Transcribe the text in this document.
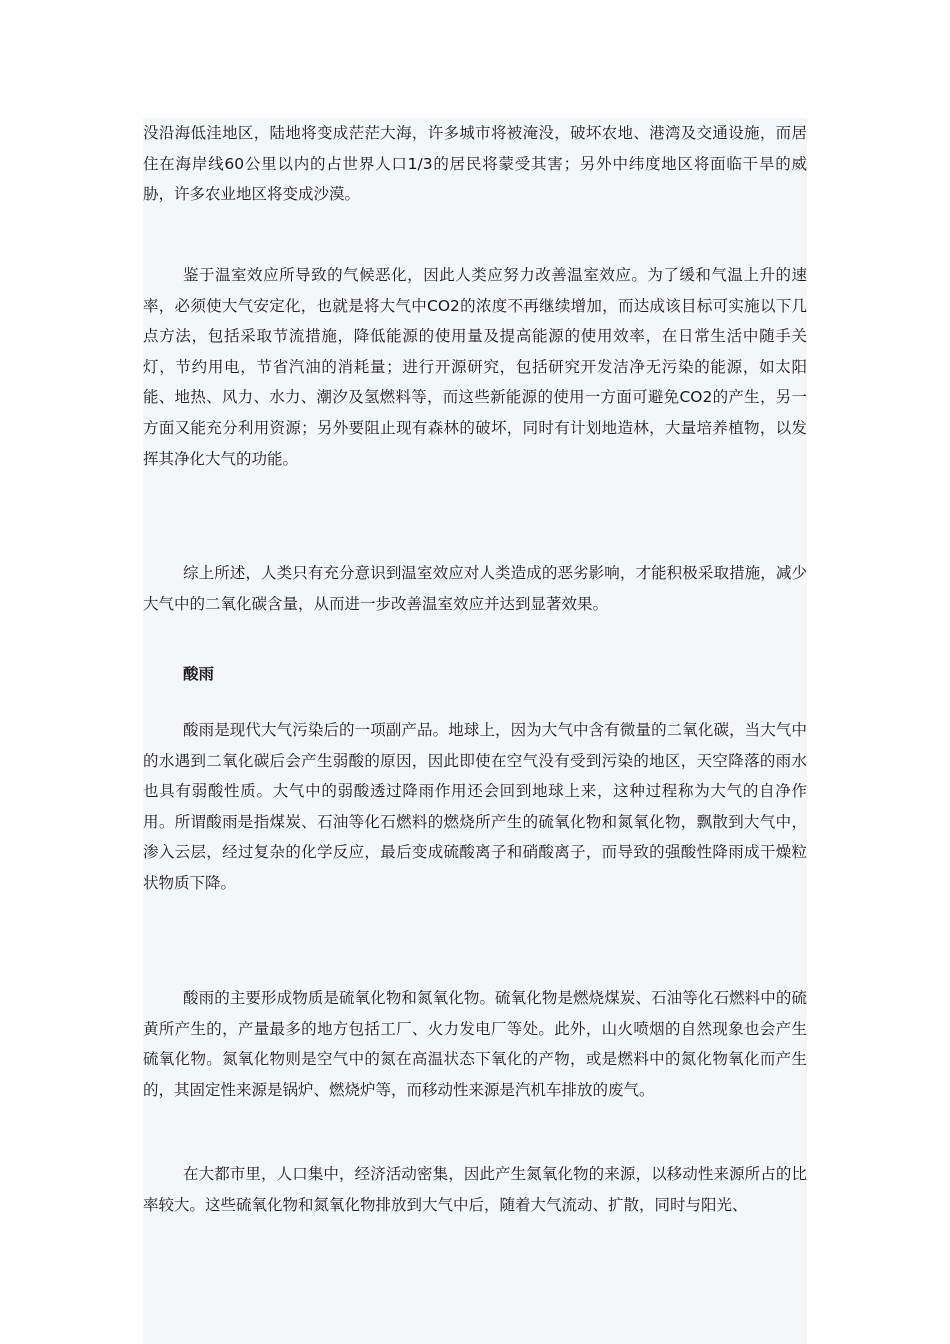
没沿海低洼地区，陆地将变成茫茫大海，许多城市将被淹没，破坏农地、港湾及交通设施，而居住在海岸线60公里以内的占世界人口1/3的居民将蒙受其害；另外中纬度地区将面临干旱的威胁，许多农业地区将变成沙漠。

鉴于温室效应所导致的气候恶化，因此人类应努力改善温室效应。为了缓和气温上升的速率，必须使大气安定化，也就是将大气中CO2的浓度不再继续增加，而达成该目标可实施以下几点方法，包括采取节流措施，降低能源的使用量及提高能源的使用效率，在日常生活中随手关灯，节约用电，节省汽油的消耗量；进行开源研究，包括研究开发洁净无污染的能源，如太阳能、地热、风力、水力、潮汐及氢燃料等，而这些新能源的使用一方面可避免CO2的产生，另一方面又能充分利用资源；另外要阻止现有森林的破坏，同时有计划地造林，大量培养植物，以发挥其净化大气的功能。

综上所述，人类只有充分意识到温室效应对人类造成的恶劣影响，才能积极采取措施，减少大气中的二氧化碳含量，从而进一步改善温室效应并达到显著效果。

酸雨

酸雨是现代大气污染后的一项副产品。地球上，因为大气中含有微量的二氧化碳，当大气中的水遇到二氧化碳后会产生弱酸的原因，因此即使在空气没有受到污染的地区，天空降落的雨水也具有弱酸性质。大气中的弱酸透过降雨作用还会回到地球上来，这种过程称为大气的自净作用。所谓酸雨是指煤炭、石油等化石燃料的燃烧所产生的硫氧化物和氮氧化物，飘散到大气中，渗入云层，经过复杂的化学反应，最后变成硫酸离子和硝酸离子，而导致的强酸性降雨成干燥粒状物质下降。

酸雨的主要形成物质是硫氧化物和氮氧化物。硫氧化物是燃烧煤炭、石油等化石燃料中的硫黄所产生的，产量最多的地方包括工厂、火力发电厂等处。此外，山火喷烟的自然现象也会产生硫氧化物。氮氧化物则是空气中的氮在高温状态下氧化的产物，或是燃料中的氮化物氧化而产生的，其固定性来源是锅炉、燃烧炉等，而移动性来源是汽机车排放的废气。

在大都市里，人口集中，经济活动密集，因此产生氮氧化物的来源，以移动性来源所占的比率较大。这些硫氧化物和氮氧化物排放到大气中后，随着大气流动、扩散，同时与阳光、
